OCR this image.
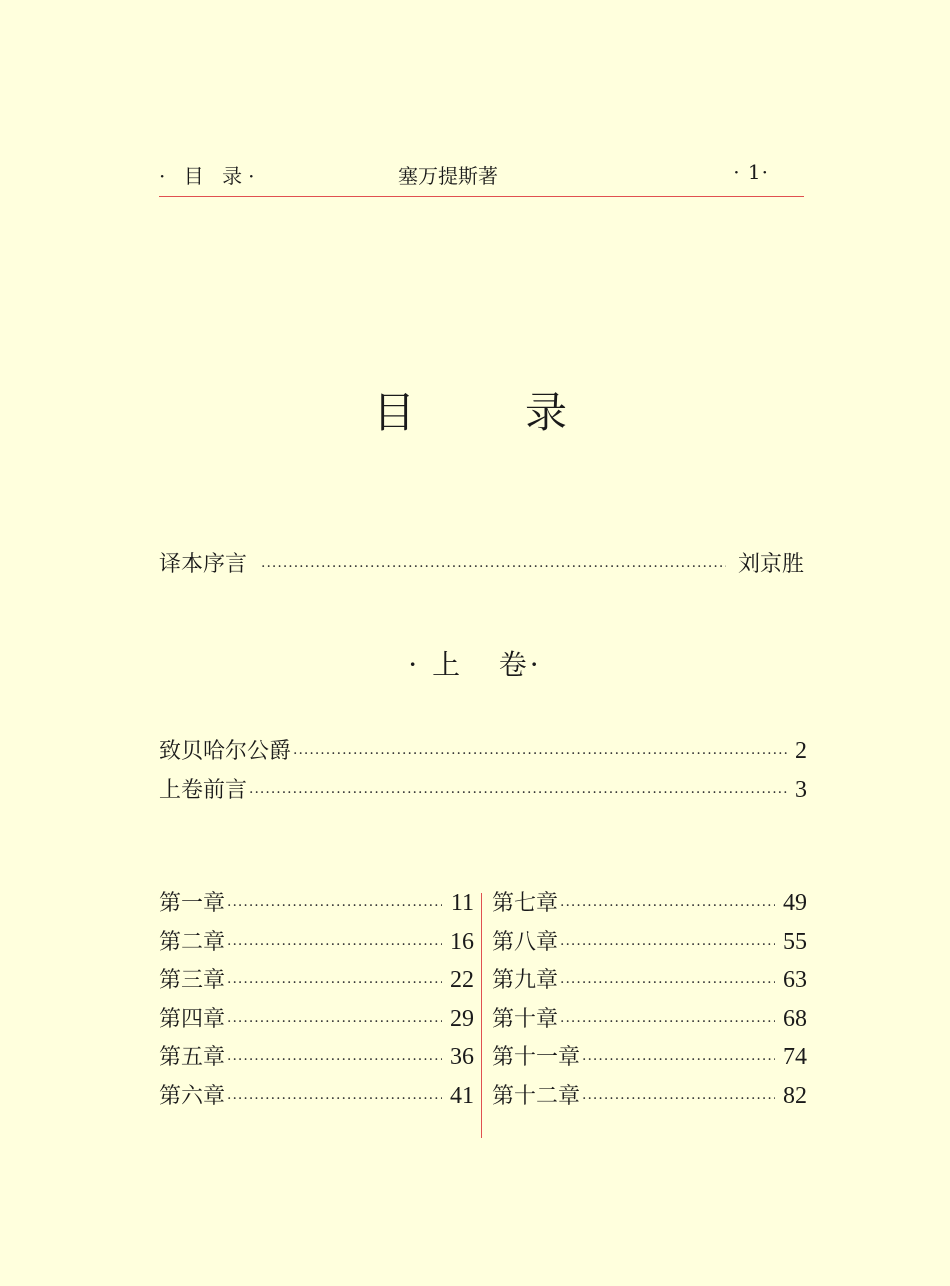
· 目 录·	塞万提斯著	· 1·
目录
译本序言 ·····	刘京胜
· 上   卷·
致贝哈尔公爵 ·····	2
上卷前言 ·····	3
第一章 ·····	11
第二章 ·····	16
第三章 ·····	22
第四章 ·····	29
第五章 ·····	36
第六章 ·····	41
第七章 ·····	49
第八章 ·····	55
第九章 ·····	63
第十章 ·····	68
第十一章 ·····	74
第十二章 ·····	82
